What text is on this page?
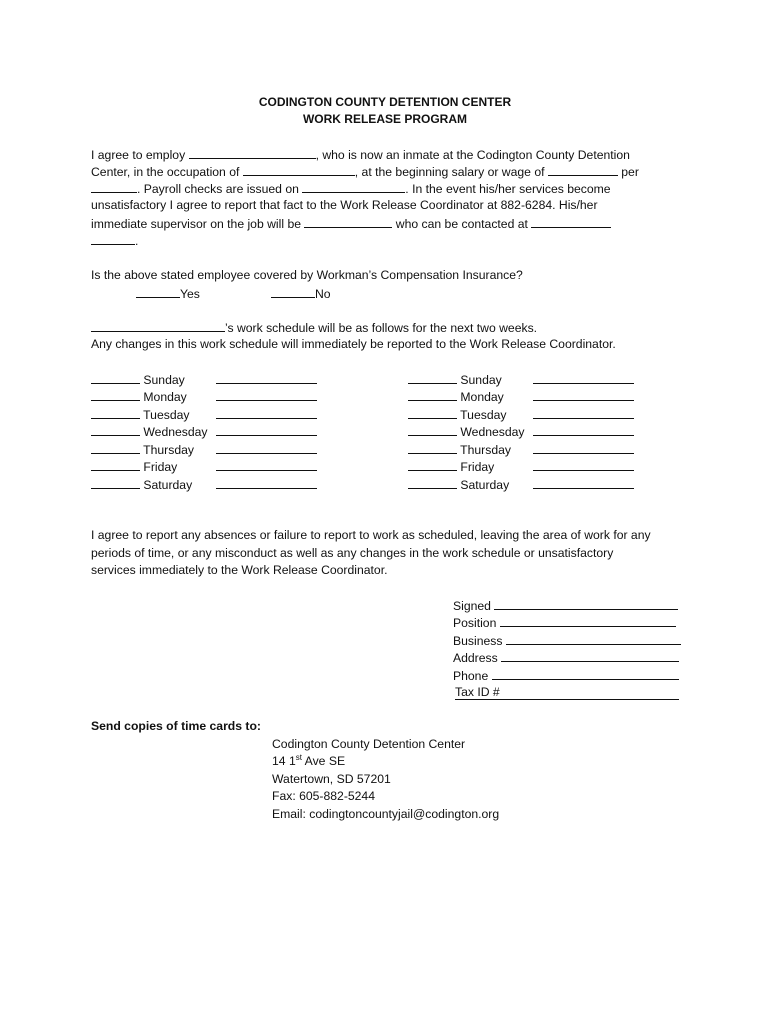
CODINGTON COUNTY DETENTION CENTER
WORK RELEASE PROGRAM
I agree to employ	, who is now an inmate at the Codington County Detention
Center, in the occupation of	, at the beginning salary or wage of	per
. Payroll checks are issued on	. In the event his/her services become
unsatisfactory I agree to report that fact to the Work Release Coordinator at 882-6284. His/her
immediate supervisor on the job will be	who can be contacted at
.
Is the above stated employee covered by Workman’s Compensation Insurance?
Yes	No
’s work schedule will be as follows for the next two weeks.
Any changes in this work schedule will immediately be reported to the Work Release Coordinator.
Sunday
Monday
Tuesday
Wednesday
Thursday
Friday
Saturday
Sunday
Monday
Tuesday
Wednesday
Thursday
Friday
Saturday
I agree to report any absences or failure to report to work as scheduled, leaving the area of work for any
periods of time, or any misconduct as well as any changes in the work schedule or unsatisfactory
services immediately to the Work Release Coordinator.
Signed
Position
Business
Address
Phone
Tax ID #
Send copies of time cards to:
Codington County Detention Center
14 1st Ave SE
Watertown, SD 57201
Fax: 605-882-5244
Email: codingtoncountyjail@codington.org
